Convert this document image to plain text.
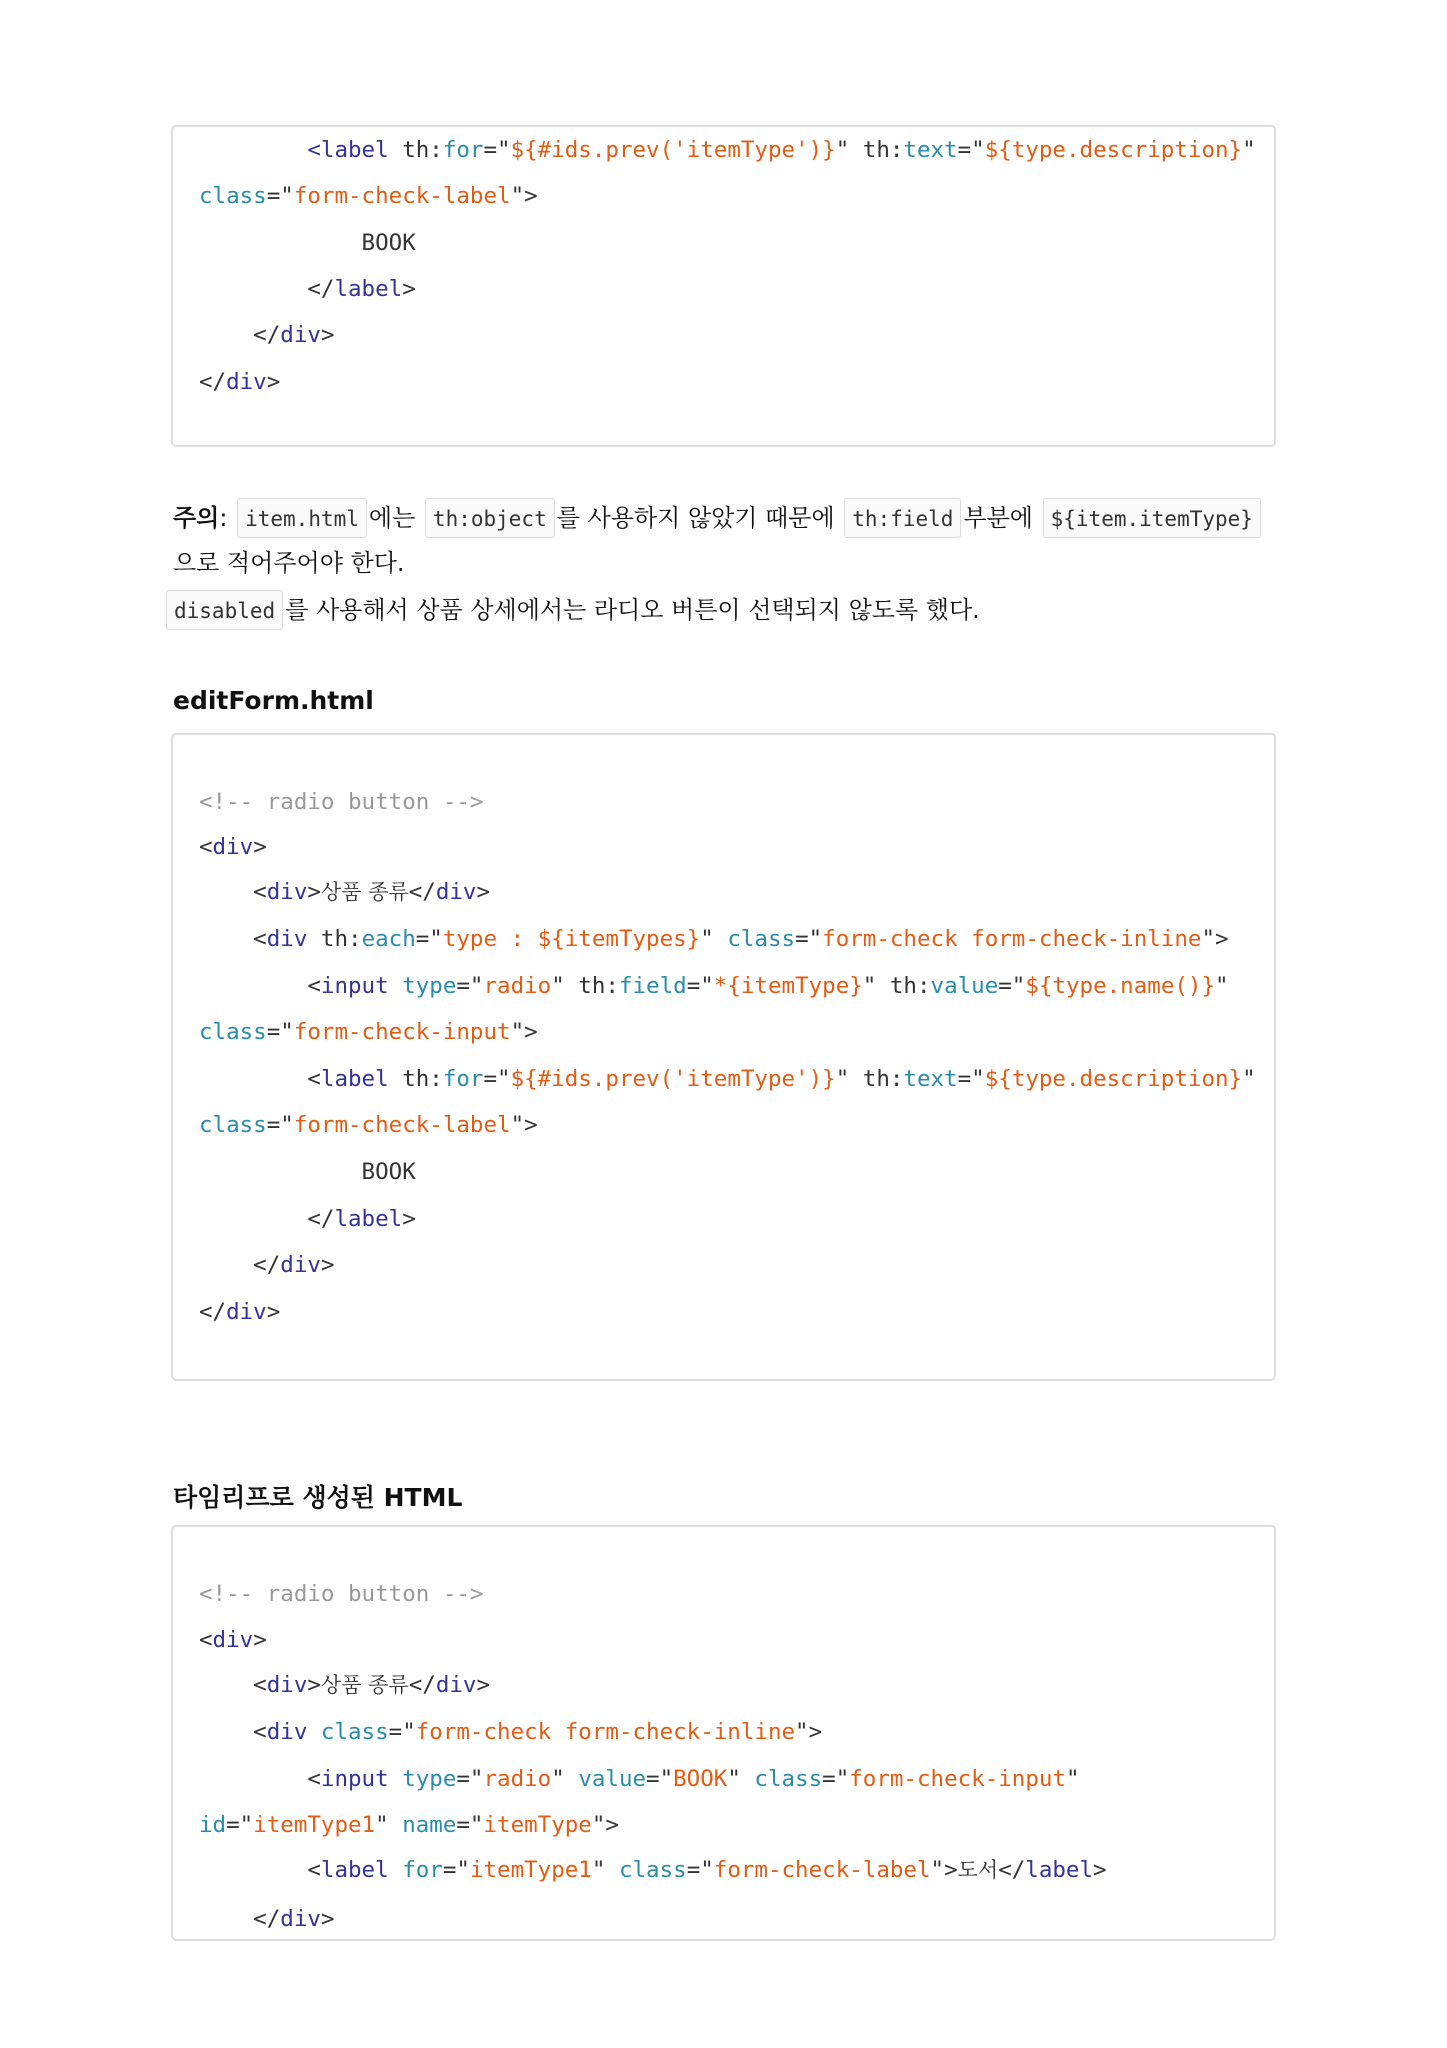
<label th:for="${#ids.prev('itemType')}" th:text="${type.description}"
class="form-check-label">
BOOK
</label>
</div>
</div>
주의: item.html 에는 th:object 를 사용하지 않았기 때문에 th:field 부분에 ${item.itemType}
으로 적어주어야 한다.
disabled 를 사용해서 상품 상세에서는 라디오 버튼이 선택되지 않도록 했다.
editForm.html
<!-- radio button -->
<div>
<div>상품 종류</div>
<div th:each="type : ${itemTypes}" class="form-check form-check-inline">
<input type="radio" th:field="*{itemType}" th:value="${type.name()}"
class="form-check-input">
<label th:for="${#ids.prev('itemType')}" th:text="${type.description}"
class="form-check-label">
BOOK
</label>
</div>
</div>
타임리프로 생성된 HTML
<!-- radio button -->
<div>
<div>상품 종류</div>
<div class="form-check form-check-inline">
<input type="radio" value="BOOK" class="form-check-input"
id="itemType1" name="itemType">
<label for="itemType1" class="form-check-label">도서</label>
</div>
